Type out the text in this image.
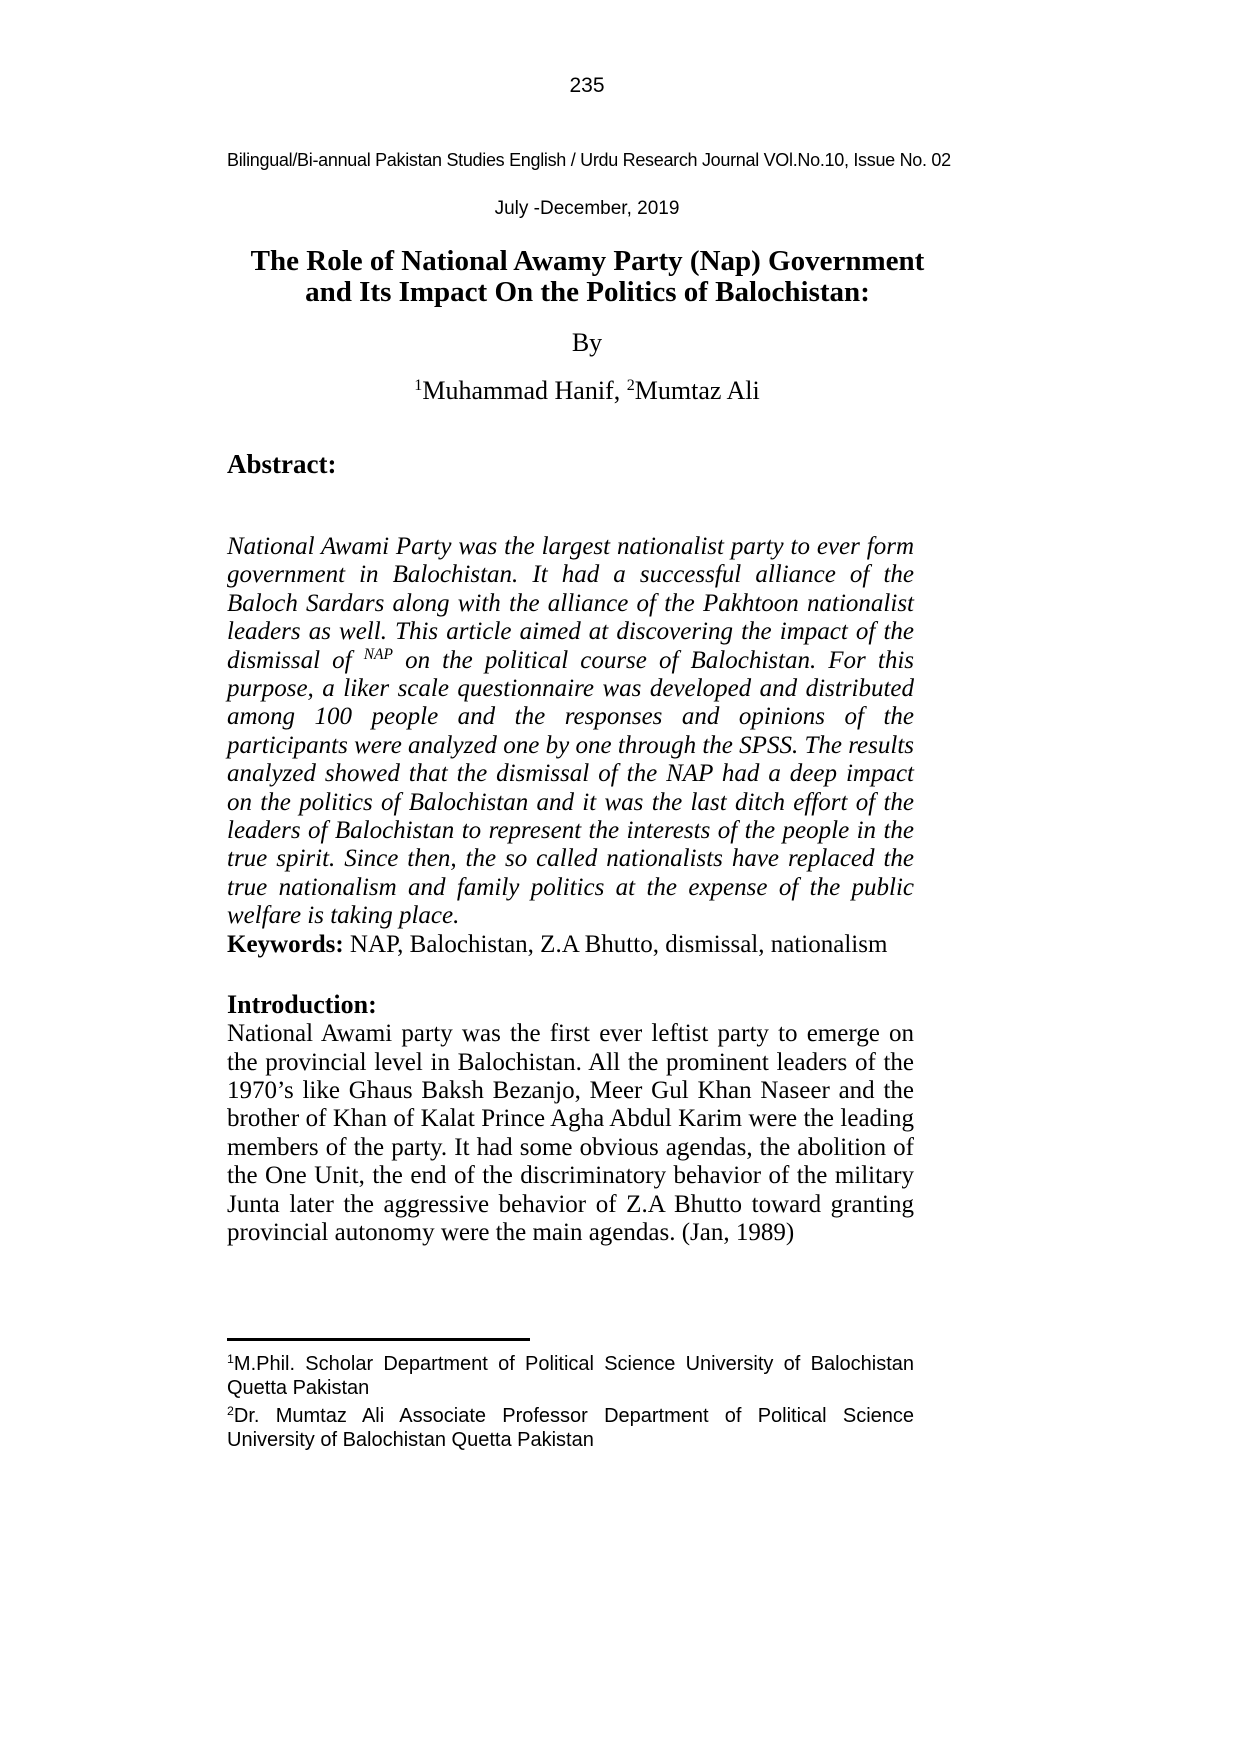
235
Bilingual/Bi-annual Pakistan Studies English / Urdu Research Journal VOl.No.10, Issue No. 02
July -December, 2019
The Role of National Awamy Party (Nap) Government
and Its Impact On the Politics of Balochistan:
By
$^1$Muhammad Hanif, $^2$Mumtaz Ali
Abstract:

National Awami Party was the largest nationalist party to ever form government in Balochistan. It had a successful alliance of the Baloch Sardars along with the alliance of the Pakhtoon nationalist leaders as well. This article aimed at discovering the impact of the dismissal of $^{NAP}$ on the political course of Balochistan. For this purpose, a liker scale questionnaire was developed and distributed among 100 people and the responses and opinions of the participants were analyzed one by one through the SPSS. The results analyzed showed that the dismissal of the NAP had a deep impact on the politics of Balochistan and it was the last ditch effort of the leaders of Balochistan to represent the interests of the people in the true spirit. Since then, the so called nationalists have replaced the true nationalism and family politics at the expense of the public welfare is taking place.

Keywords: NAP, Balochistan, Z.A Bhutto, dismissal, nationalism

Introduction:

National Awami party was the first ever leftist party to emerge on the provincial level in Balochistan. All the prominent leaders of the 1970’s like Ghaus Baksh Bezanjo, Meer Gul Khan Naseer and the brother of Khan of Kalat Prince Agha Abdul Karim were the leading members of the party. It had some obvious agendas, the abolition of the One Unit, the end of the discriminatory behavior of the military Junta later the aggressive behavior of Z.A Bhutto toward granting provincial autonomy were the main agendas. (Jan, 1989)

$^1$M.Phil. Scholar Department of Political Science University of Balochistan Quetta Pakistan

$^2$Dr. Mumtaz Ali Associate Professor Department of Political Science University of Balochistan Quetta Pakistan
